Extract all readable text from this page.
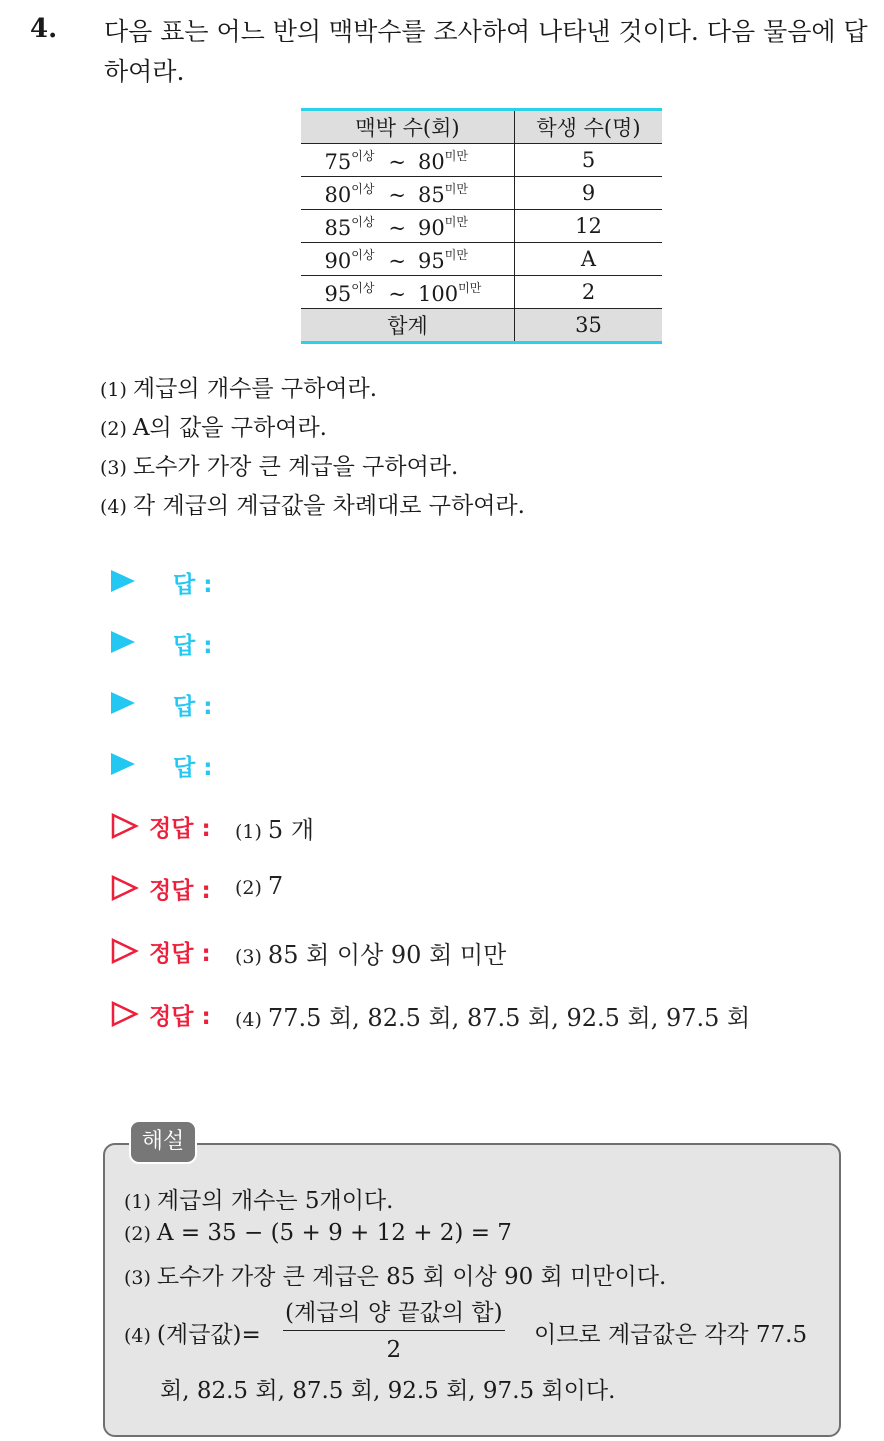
4. 다음 표는 어느 반의 맥박수를 조사하여 나타낸 것이다. 다음 물음에 답하여라.
맥박 수(회)	학생 수(명)
$75^{이상}$ ~ $80^{미만}$	5
$80^{이상}$ ~ $85^{미만}$	9
$85^{이상}$ ~ $90^{미만}$	12
$90^{이상}$ ~ $95^{미만}$	A
$95^{이상}$ ~ $100^{미만}$	2
합계	35
(1) 계급의 개수를 구하여라.
(2) A의 값을 구하여라.
(3) 도수가 가장 큰 계급을 구하여라.
(4) 각 계급의 계급값을 차례대로 구하여라.
답 :
답 :
답 :
답 :
정답 : (1) 5 개
정답 : (2) 7
정답 : (3) 85 회 이상 90 회 미만
정답 : (4) 77.5 회, 82.5 회, 87.5 회, 92.5 회, 97.5 회
해설
(1) 계급의 개수는 5개이다.
(2) A = 35 − (5 + 9 + 12 + 2) = 7
(3) 도수가 가장 큰 계급은 85 회 이상 90 회 미만이다.
(4) (계급값)=
(계급의 양 끝값의 합)
2
이므로 계급값은 각각 77.5
회, 82.5 회, 87.5 회, 92.5 회, 97.5 회이다.
